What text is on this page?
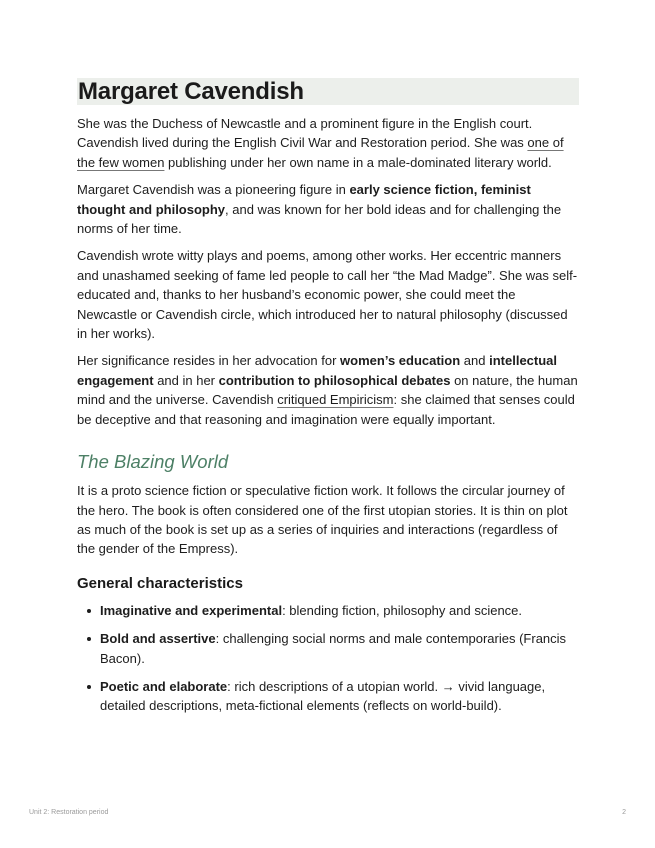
Margaret Cavendish

She was the Duchess of Newcastle and a prominent figure in the English court. Cavendish lived during the English Civil War and Restoration period. She was one of the few women publishing under her own name in a male-dominated literary world.

Margaret Cavendish was a pioneering figure in early science fiction, feminist thought and philosophy, and was known for her bold ideas and for challenging the norms of her time.

Cavendish wrote witty plays and poems, among other works. Her eccentric manners and unashamed seeking of fame led people to call her “the Mad Madge”. She was self-educated and, thanks to her husband’s economic power, she could meet the Newcastle or Cavendish circle, which introduced her to natural philosophy (discussed in her works).

Her significance resides in her advocation for women’s education and intellectual engagement and in her contribution to philosophical debates on nature, the human mind and the universe. Cavendish critiqued Empiricism: she claimed that senses could be deceptive and that reasoning and imagination were equally important.

The Blazing World

It is a proto science fiction or speculative fiction work. It follows the circular journey of the hero. The book is often considered one of the first utopian stories. It is thin on plot as much of the book is set up as a series of inquiries and interactions (regardless of the gender of the Empress).

General characteristics
Imaginative and experimental: blending fiction, philosophy and science.
Bold and assertive: challenging social norms and male contemporaries (Francis Bacon).
Poetic and elaborate: rich descriptions of a utopian world. → vivid language, detailed descriptions, meta-fictional elements (reflects on world-build).
Unit 2: Restoration period	2
